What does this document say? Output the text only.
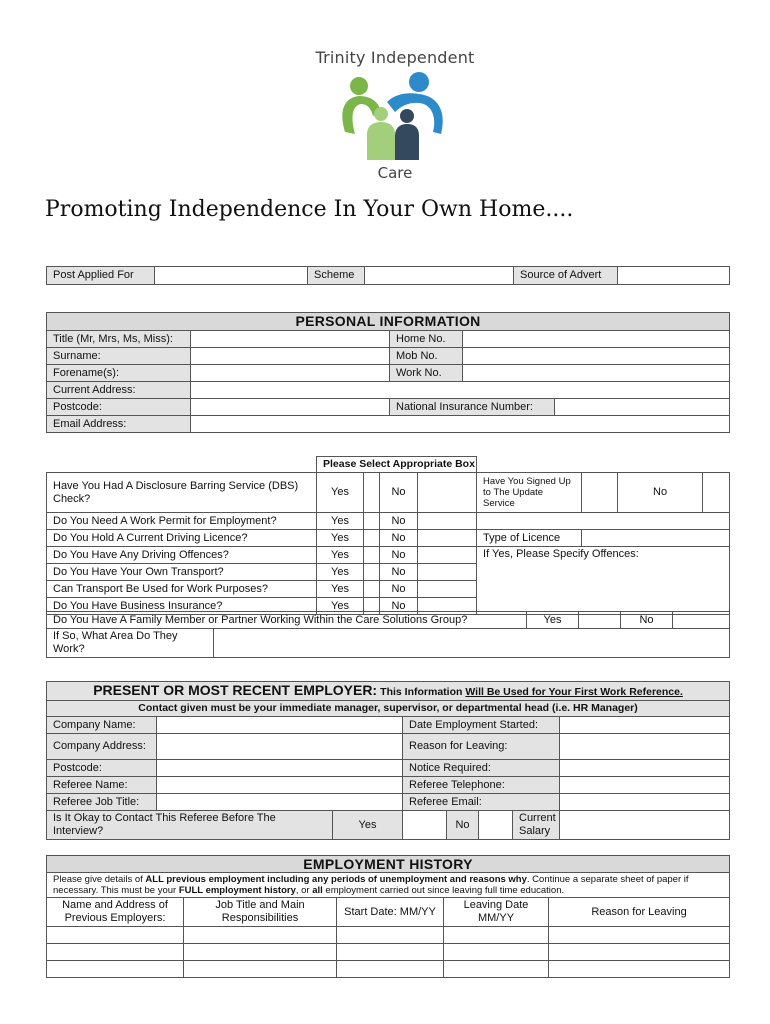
Trinity Independent
Care
Promoting Independence In Your Own Home....
Post Applied For		Scheme		Source of Advert	
PERSONAL INFORMATION				
Title (Mr, Mrs, Ms, Miss):		Home No.		
Surname:		Mob No.		
Forename(s):		Work No.		
Current Address:				
Postcode:		National Insurance Number:		
Email Address:				
	Please Select Appropriate Box							
Have You Had A Disclosure Barring Service (DBS) Check?	Yes		No		Have You Signed Up to The Update Service		No	
Do You Need A Work Permit for Employment?	Yes		No					
Do You Hold A Current Driving Licence?	Yes		No		Type of Licence			
Do You Have Any Driving Offences?	Yes		No		If Yes, Please Specify Offences:			
Do You Have Your Own Transport?	Yes		No					
Can Transport Be Used for Work Purposes?	Yes		No					
Do You Have Business Insurance?	Yes		No					
Do You Have A Family Member or Partner Working Within the Care Solutions Group?		Yes		No	
If So, What Area Do They Work?					
PRESENT OR MOST RECENT EMPLOYER: This Information Will Be Used for Your First Work Reference.							
Contact given must be your immediate manager, supervisor, or departmental head (i.e. HR Manager)							
Company Name:			Date Employment Started:				
Company Address:			Reason for Leaving:				
Postcode:			Notice Required:				
Referee Name:			Referee Telephone:				
Referee Job Title:			Referee Email:				
Is It Okay to Contact This Referee Before The Interview?		Yes		No		Current Salary	
EMPLOYMENT HISTORY				
Please give details of ALL previous employment including any periods of unemployment and reasons why. Continue a separate sheet of paper if necessary. This must be your FULL employment history, or all employment carried out since leaving full time education.				
Name and Address of Previous Employers:	Job Title and Main Responsibilities	Start Date: MM/YY	Leaving Date MM/YY	Reason for Leaving
